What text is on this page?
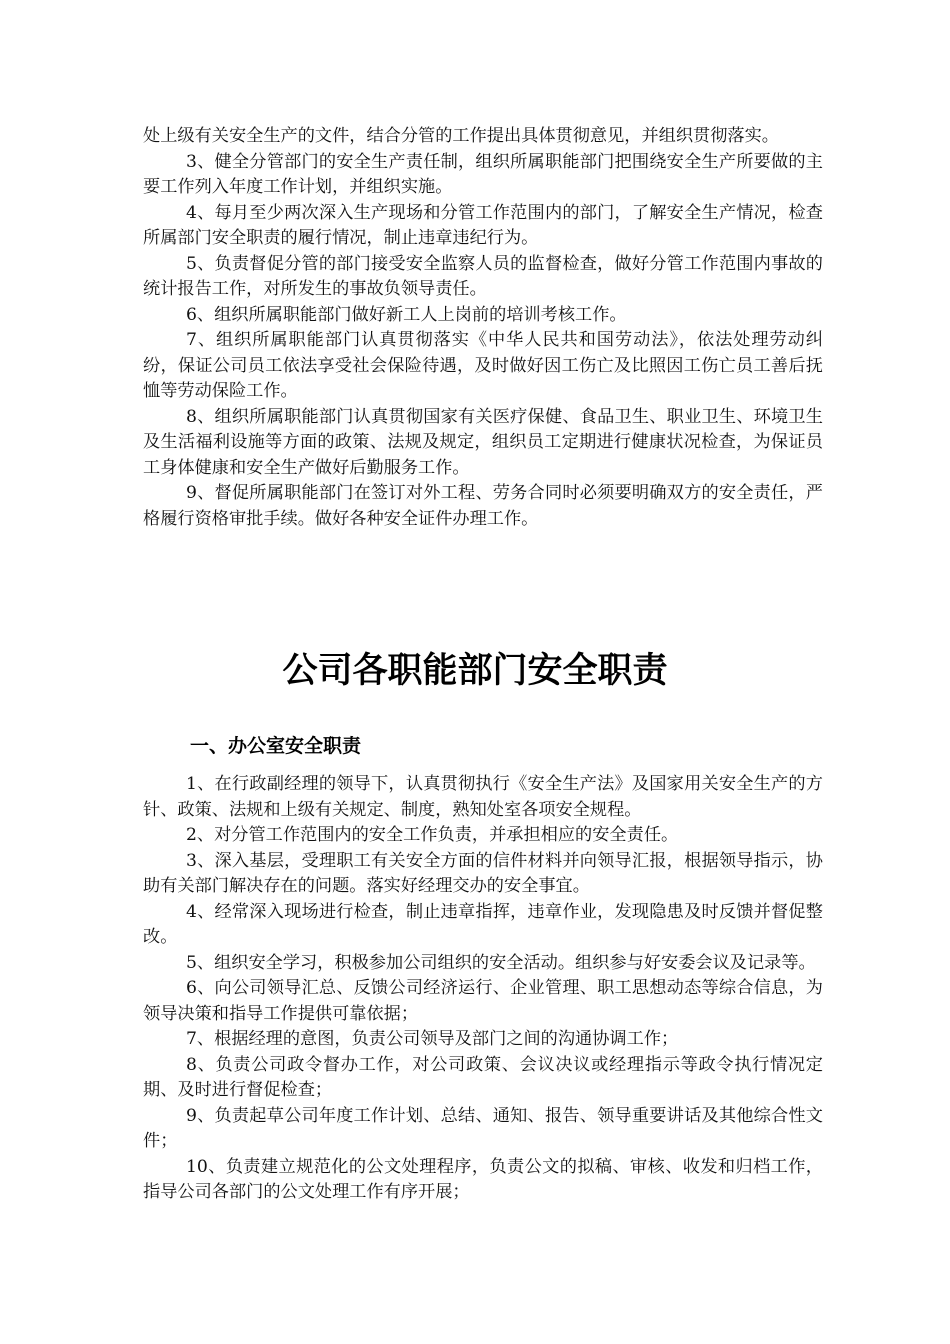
处上级有关安全生产的文件，结合分管的工作提出具体贯彻意见，并组织贯彻落实。

3、健全分管部门的安全生产责任制，组织所属职能部门把围绕安全生产所要做的主要工作列入年度工作计划，并组织实施。

4、每月至少两次深入生产现场和分管工作范围内的部门，了解安全生产情况，检查所属部门安全职责的履行情况，制止违章违纪行为。

5、负责督促分管的部门接受安全监察人员的监督检查，做好分管工作范围内事故的统计报告工作，对所发生的事故负领导责任。

6、组织所属职能部门做好新工人上岗前的培训考核工作。

7、组织所属职能部门认真贯彻落实《中华人民共和国劳动法》，依法处理劳动纠纷，保证公司员工依法享受社会保险待遇，及时做好因工伤亡及比照因工伤亡员工善后抚恤等劳动保险工作。

8、组织所属职能部门认真贯彻国家有关医疗保健、食品卫生、职业卫生、环境卫生及生活福利设施等方面的政策、法规及规定，组织员工定期进行健康状况检查，为保证员工身体健康和安全生产做好后勤服务工作。

9、督促所属职能部门在签订对外工程、劳务合同时必须要明确双方的安全责任，严格履行资格审批手续。做好各种安全证件办理工作。

公司各职能部门安全职责
一、办公室安全职责

1、在行政副经理的领导下，认真贯彻执行《安全生产法》及国家用关安全生产的方针、政策、法规和上级有关规定、制度，熟知处室各项安全规程。

2、对分管工作范围内的安全工作负责，并承担相应的安全责任。

3、深入基层，受理职工有关安全方面的信件材料并向领导汇报，根据领导指示，协助有关部门解决存在的问题。落实好经理交办的安全事宜。

4、经常深入现场进行检查，制止违章指挥，违章作业，发现隐患及时反馈并督促整改。

5、组织安全学习，积极参加公司组织的安全活动。组织参与好安委会议及记录等。

6、向公司领导汇总、反馈公司经济运行、企业管理、职工思想动态等综合信息，为领导决策和指导工作提供可靠依据；

7、根据经理的意图，负责公司领导及部门之间的沟通协调工作；

8、负责公司政令督办工作，对公司政策、会议决议或经理指示等政令执行情况定期、及时进行督促检查；

9、负责起草公司年度工作计划、总结、通知、报告、领导重要讲话及其他综合性文件；

10、负责建立规范化的公文处理程序，负责公文的拟稿、审核、收发和归档工作，指导公司各部门的公文处理工作有序开展；
